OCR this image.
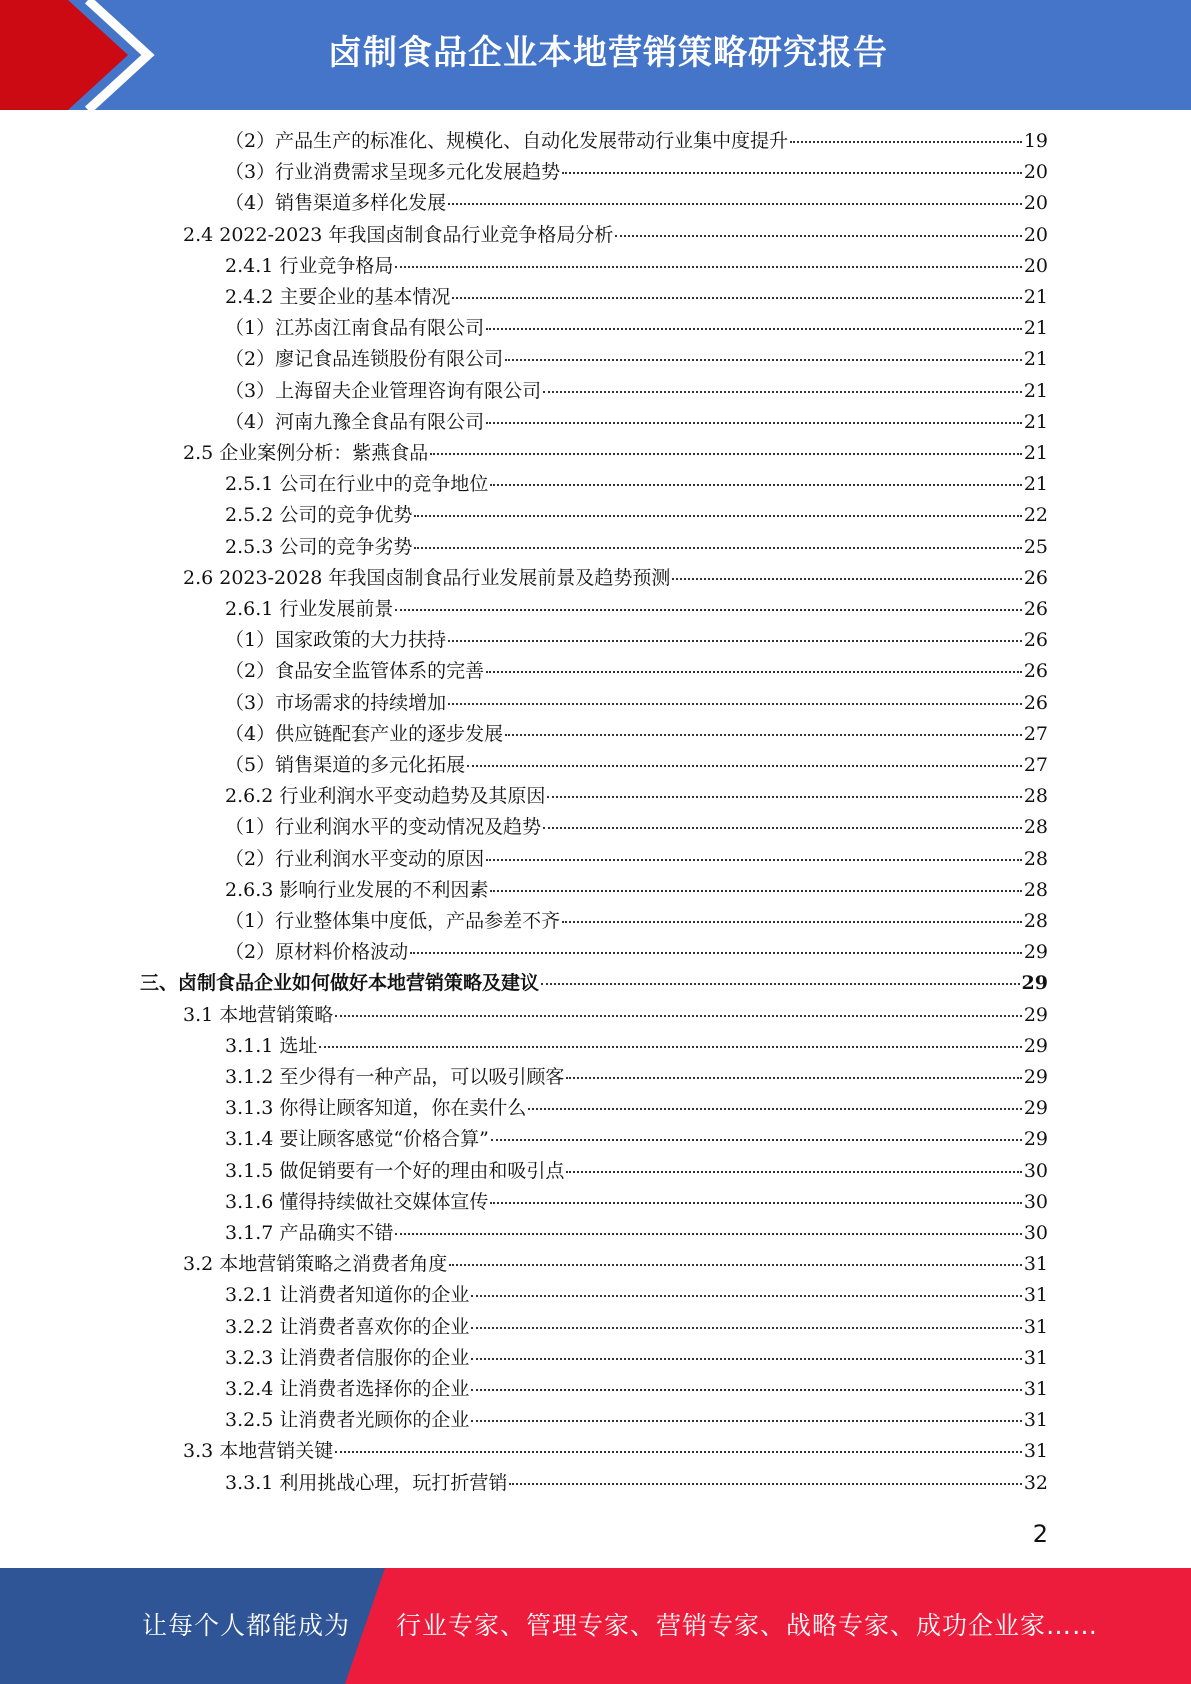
卤制食品企业本地营销策略研究报告
（2）产品生产的标准化、规模化、自动化发展带动行业集中度提升	19
（3）行业消费需求呈现多元化发展趋势	20
（4）销售渠道多样化发展	20
2.4 2022-2023 年我国卤制食品行业竞争格局分析	20
2.4.1 行业竞争格局	20
2.4.2 主要企业的基本情况	21
（1）江苏卤江南食品有限公司	21
（2）廖记食品连锁股份有限公司	21
（3）上海留夫企业管理咨询有限公司	21
（4）河南九豫全食品有限公司	21
2.5 企业案例分析：紫燕食品	21
2.5.1 公司在行业中的竞争地位	21
2.5.2 公司的竞争优势	22
2.5.3 公司的竞争劣势	25
2.6 2023-2028 年我国卤制食品行业发展前景及趋势预测	26
2.6.1 行业发展前景	26
（1）国家政策的大力扶持	26
（2）食品安全监管体系的完善	26
（3）市场需求的持续增加	26
（4）供应链配套产业的逐步发展	27
（5）销售渠道的多元化拓展	27
2.6.2 行业利润水平变动趋势及其原因	28
（1）行业利润水平的变动情况及趋势	28
（2）行业利润水平变动的原因	28
2.6.3 影响行业发展的不利因素	28
（1）行业整体集中度低，产品参差不齐	28
（2）原材料价格波动	29
三、卤制食品企业如何做好本地营销策略及建议	29
3.1 本地营销策略	29
3.1.1 选址	29
3.1.2 至少得有一种产品，可以吸引顾客	29
3.1.3 你得让顾客知道，你在卖什么	29
3.1.4 要让顾客感觉“价格合算”	29
3.1.5 做促销要有一个好的理由和吸引点	30
3.1.6 懂得持续做社交媒体宣传	30
3.1.7 产品确实不错	30
3.2 本地营销策略之消费者角度	31
3.2.1 让消费者知道你的企业	31
3.2.2 让消费者喜欢你的企业	31
3.2.3 让消费者信服你的企业	31
3.2.4 让消费者选择你的企业	31
3.2.5 让消费者光顾你的企业	31
3.3 本地营销关键	31
3.3.1 利用挑战心理，玩打折营销	32
2
让每个人都能成为 行业专家、管理专家、营销专家、战略专家、成功企业家……
